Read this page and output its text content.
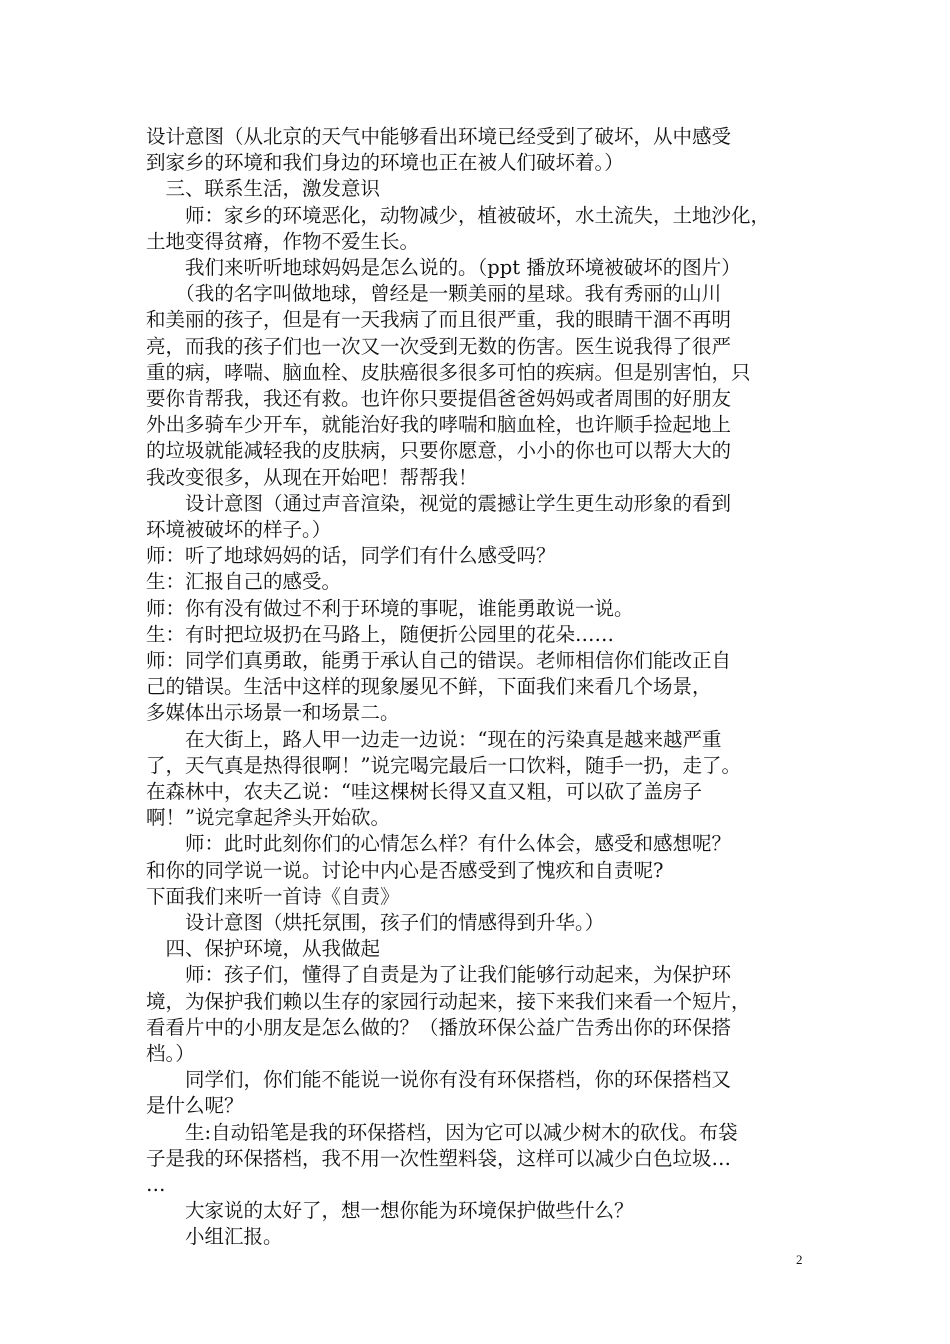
设计意图（从北京的天气中能够看出环境已经受到了破坏，从中感受
到家乡的环境和我们身边的环境也正在被人们破坏着。）
　三、联系生活，激发意识
　　师：家乡的环境恶化，动物减少，植被破坏，水土流失，土地沙化，
土地变得贫瘠，作物不爱生长。
　　我们来听听地球妈妈是怎么说的。（ppt 播放环境被破坏的图片）
　　（我的名字叫做地球，曾经是一颗美丽的星球。我有秀丽的山川
和美丽的孩子，但是有一天我病了而且很严重，我的眼睛干涸不再明
亮，而我的孩子们也一次又一次受到无数的伤害。医生说我得了很严
重的病，哮喘、脑血栓、皮肤癌很多很多可怕的疾病。但是别害怕，只
要你肯帮我，我还有救。也许你只要提倡爸爸妈妈或者周围的好朋友
外出多骑车少开车，就能治好我的哮喘和脑血栓，也许顺手捡起地上
的垃圾就能减轻我的皮肤病，只要你愿意，小小的你也可以帮大大的
我改变很多，从现在开始吧！帮帮我！
　　设计意图（通过声音渲染，视觉的震撼让学生更生动形象的看到
环境被破坏的样子。）
师：听了地球妈妈的话，同学们有什么感受吗？
生：汇报自己的感受。
师：你有没有做过不利于环境的事呢，谁能勇敢说一说。
生：有时把垃圾扔在马路上，随便折公园里的花朵……
师：同学们真勇敢，能勇于承认自己的错误。老师相信你们能改正自
己的错误。生活中这样的现象屡见不鲜，下面我们来看几个场景，
多媒体出示场景一和场景二。
　　在大街上，路人甲一边走一边说：“现在的污染真是越来越严重
了，天气真是热得很啊！”说完喝完最后一口饮料，随手一扔，走了。
在森林中，农夫乙说：“哇这棵树长得又直又粗，可以砍了盖房子
啊！”说完拿起斧头开始砍。
　　师：此时此刻你们的心情怎么样？有什么体会，感受和感想呢？
和你的同学说一说。讨论中内心是否感受到了愧疚和自责呢?
下面我们来听一首诗《自责》
　　设计意图（烘托氛围，孩子们的情感得到升华。）
　四、保护环境，从我做起
　　师：孩子们，懂得了自责是为了让我们能够行动起来，为保护环
境，为保护我们赖以生存的家园行动起来，接下来我们来看一个短片，
看看片中的小朋友是怎么做的？（播放环保公益广告秀出你的环保搭
档。）
　　同学们，你们能不能说一说你有没有环保搭档，你的环保搭档又
是什么呢？
　　生:自动铅笔是我的环保搭档，因为它可以减少树木的砍伐。布袋
子是我的环保搭档，我不用一次性塑料袋，这样可以减少白色垃圾…
…
　　大家说的太好了，想一想你能为环境保护做些什么？
　　小组汇报。
2
